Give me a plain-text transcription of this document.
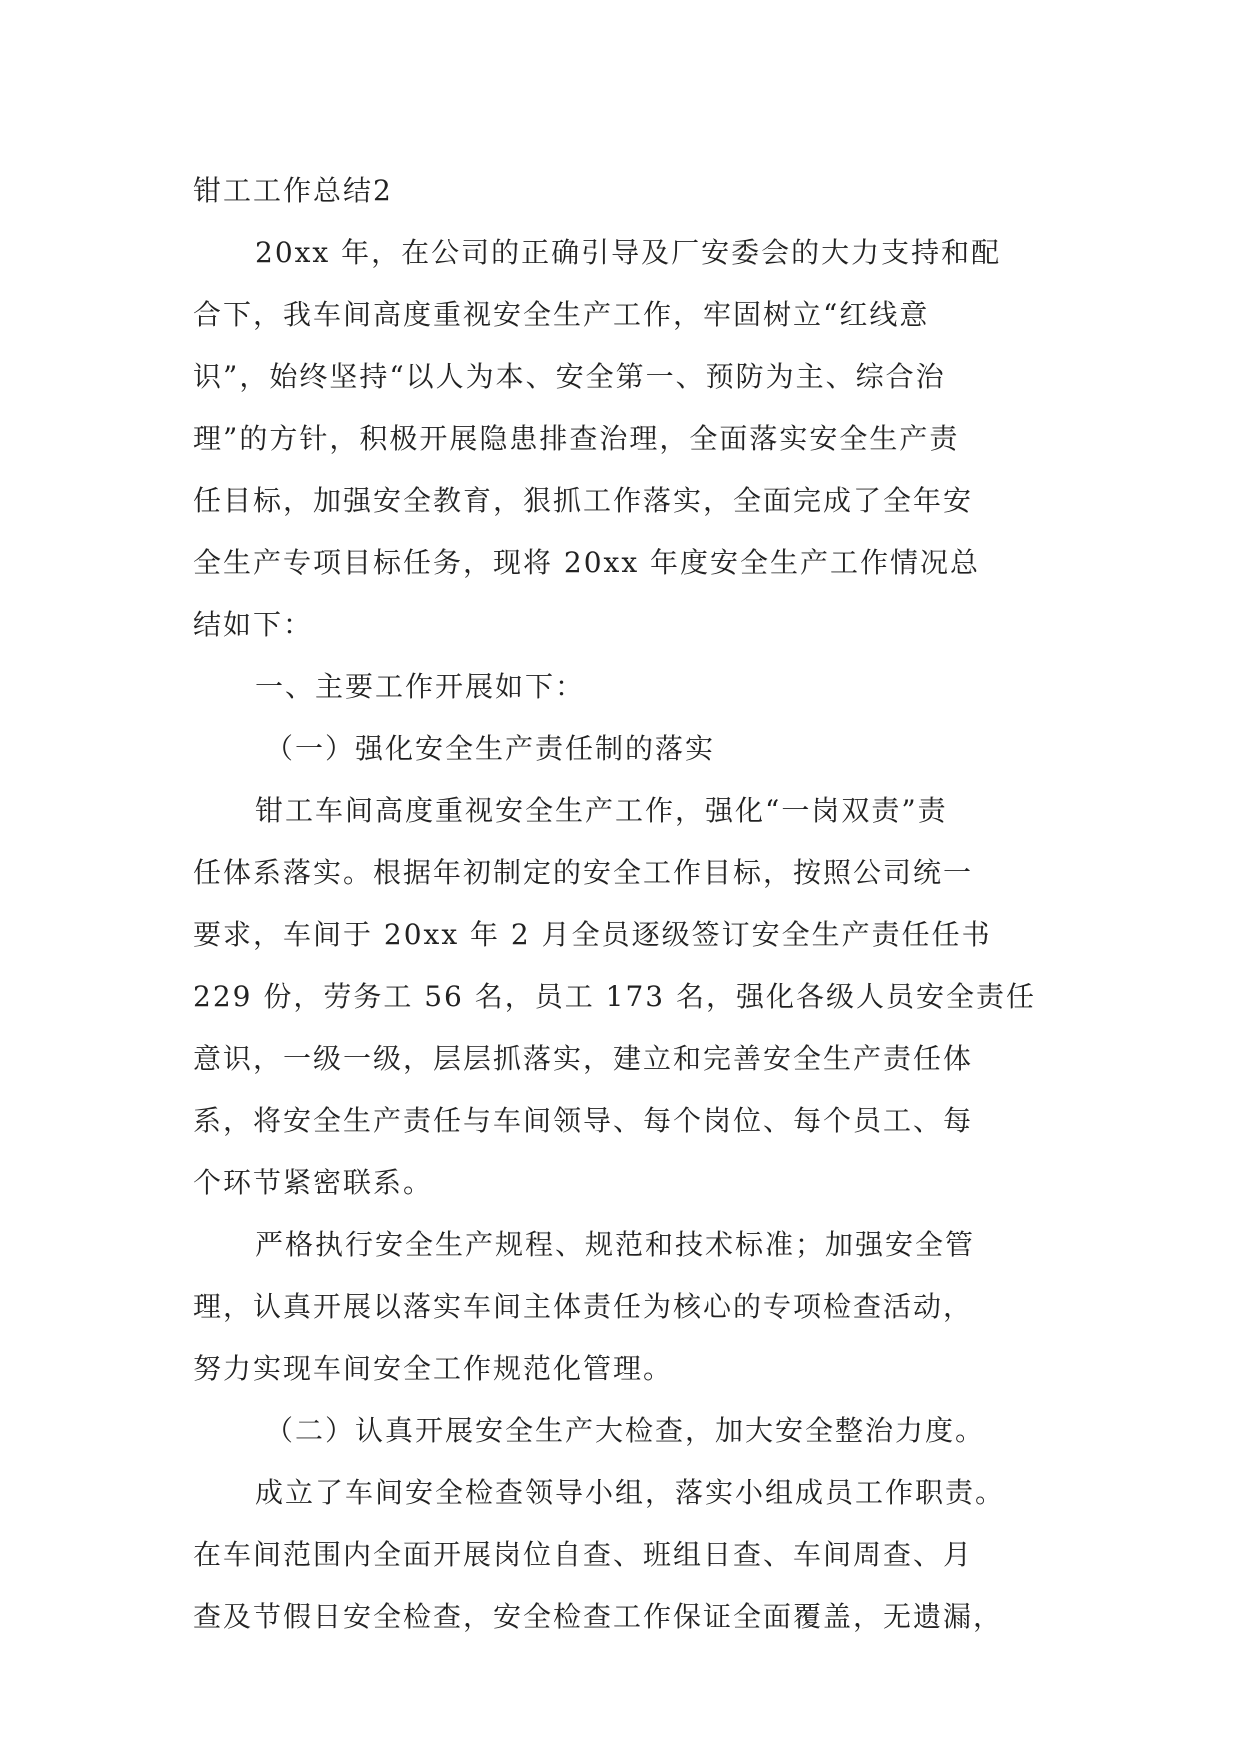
钳工工作总结2
20xx 年，在公司的正确引导及厂安委会的大力支持和配
合下，我车间高度重视安全生产工作，牢固树立“红线意
识”，始终坚持“以人为本、安全第一、预防为主、综合治
理”的方针，积极开展隐患排查治理，全面落实安全生产责
任目标，加强安全教育，狠抓工作落实，全面完成了全年安
全生产专项目标任务，现将 20xx 年度安全生产工作情况总
结如下：
一、主要工作开展如下：
（一）强化安全生产责任制的落实
钳工车间高度重视安全生产工作，强化“一岗双责”责
任体系落实。根据年初制定的安全工作目标，按照公司统一
要求，车间于 20xx 年 2 月全员逐级签订安全生产责任任书
229 份，劳务工 56 名，员工 173 名，强化各级人员安全责任
意识，一级一级，层层抓落实，建立和完善安全生产责任体
系，将安全生产责任与车间领导、每个岗位、每个员工、每
个环节紧密联系。
严格执行安全生产规程、规范和技术标准；加强安全管
理，认真开展以落实车间主体责任为核心的专项检查活动，
努力实现车间安全工作规范化管理。
（二）认真开展安全生产大检查，加大安全整治力度。
成立了车间安全检查领导小组，落实小组成员工作职责。
在车间范围内全面开展岗位自查、班组日查、车间周查、月
查及节假日安全检查，安全检查工作保证全面覆盖，无遗漏，
